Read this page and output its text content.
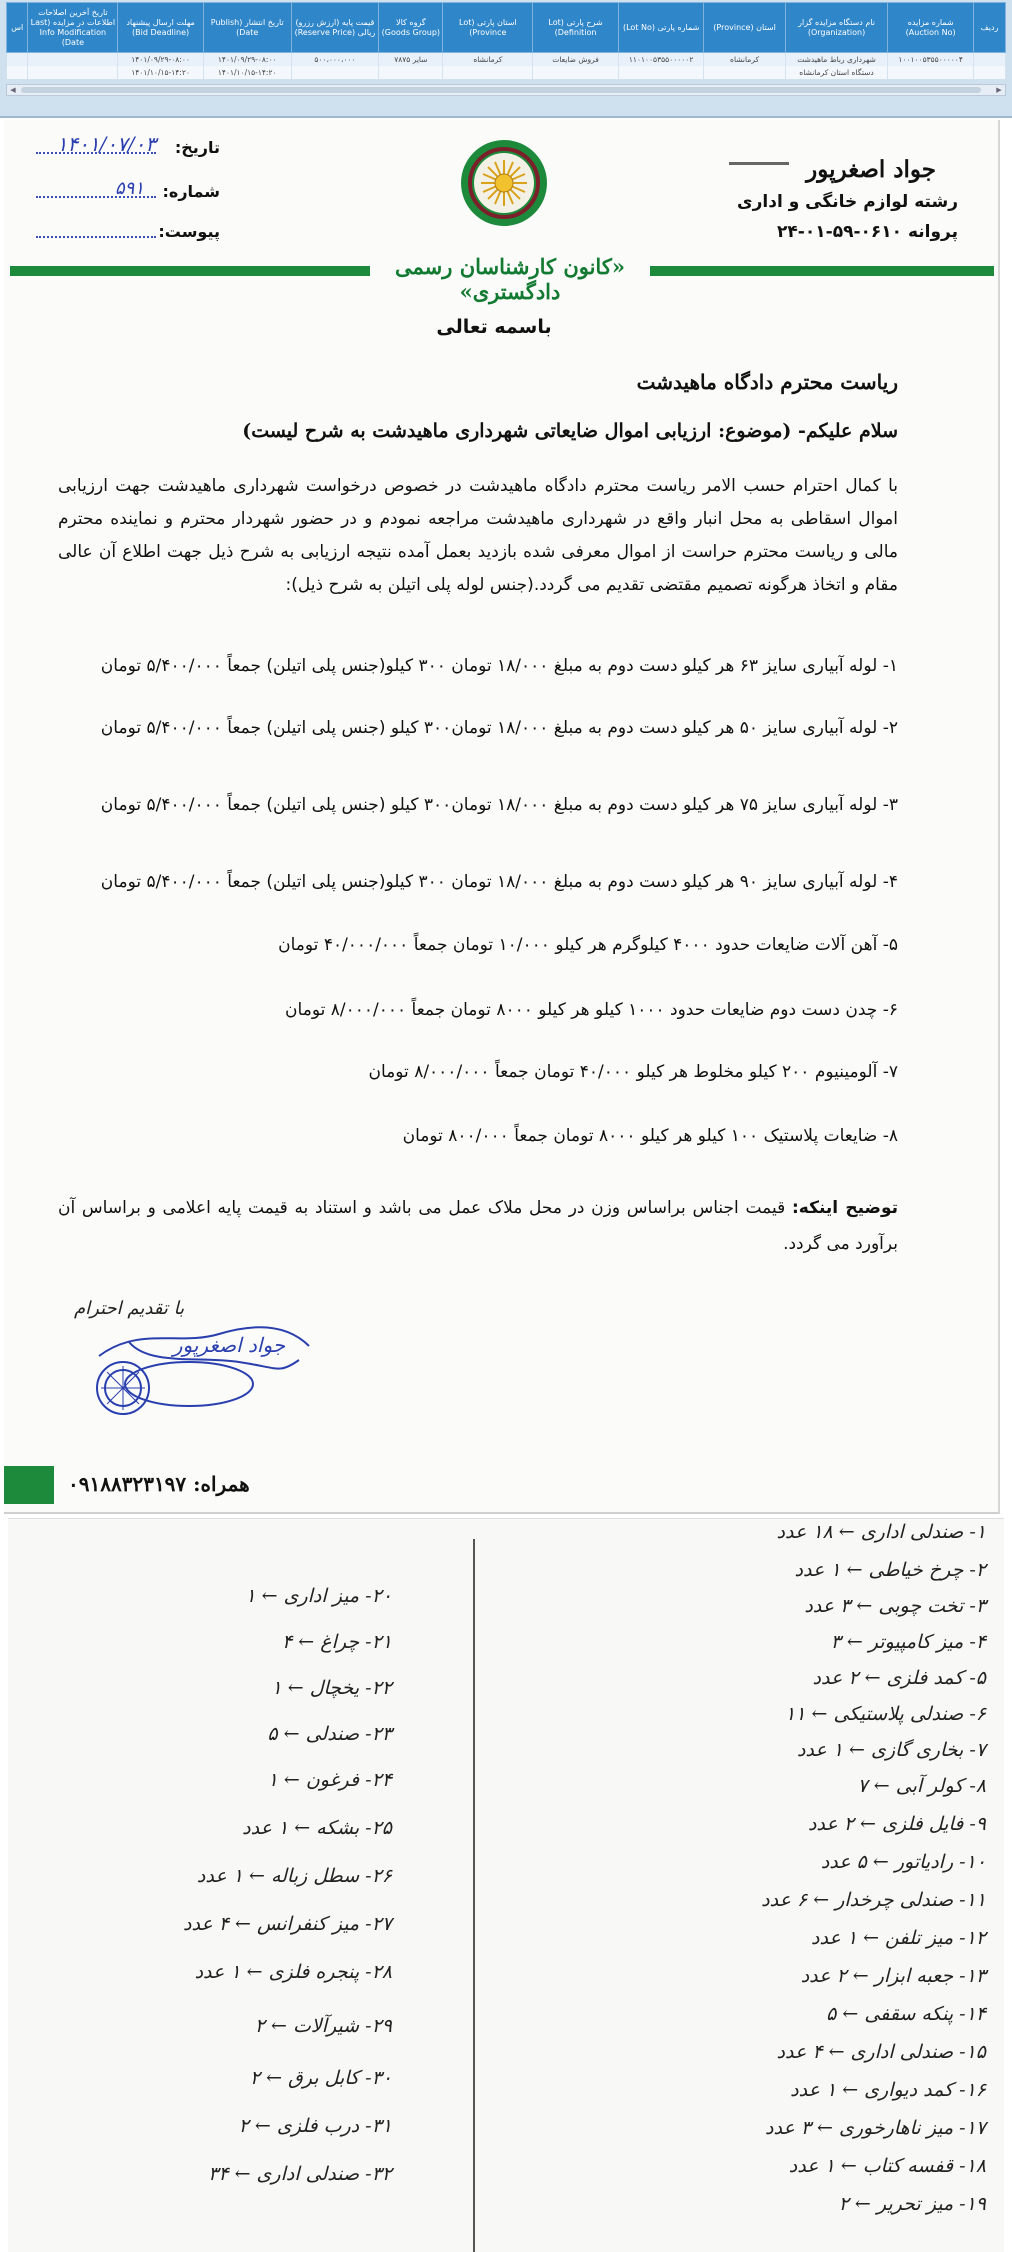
ردیف	شماره مزایده (Auction No)	نام دستگاه مزایده گزار (Organization)	استان (Province)	شماره پارتی (Lot No)	شرح پارتی (Lot Definition)	استان پارتی (Lot Province)	گروه کالا (Goods Group)	قیمت پایه (ارزش رزرو) ریالی (Reserve Price)	تاریخ انتشار (Publish Date)	مهلت ارسال پیشنهاد (Bid Deadline)	تاریخ آخرین اصلاحات اطلاعات در مزایده (Last Info Modification Date)	اس
	۱۰۰۱۰۰۵۳۵۵۰۰۰۰۰۴	شهرداری رباط ماهیدشت	کرمانشاه	۱۱۰۱۰۰۵۳۵۵۰۰۰۰۰۲	فروش ضایعات	کرمانشاه	سایر ۷۸۷۵	۵۰۰،۰۰۰،۰۰۰	۱۴۰۱/۰۹/۲۹-۰۸:۰۰	۱۴۰۱/۰۹/۲۹-۰۸:۰۰		
		دستگاه استان کرمانشاه							۱۴۰۱/۱۰/۱۵-۱۴:۲۰	۱۴۰۱/۱۰/۱۵-۱۴:۲۰		
◀	▶
جواد اصغرپور
رشته لوازم خانگی و اداری
پروانه ۰۶۱۰-۵۹-۰۱-۲۴
تاریخ:
۱۴۰۱/۰۷/۰۳
شماره:
۵۹۱
پیوست:
«کانون کارشناسان رسمی دادگستری»
باسمه تعالی
ریاست محترم دادگاه ماهیدشت
سلام علیکم- (موضوع: ارزیابی اموال ضایعاتی شهرداری ماهیدشت به شرح لیست)
با کمال احترام حسب الامر ریاست محترم دادگاه ماهیدشت در خصوص درخواست شهرداری ماهیدشت جهت ارزیابی اموال اسقاطی به محل انبار واقع در شهرداری ماهیدشت مراجعه نمودم و در حضور شهردار محترم و نماینده محترم مالی و ریاست محترم حراست از اموال معرفی شده بازدید بعمل آمده نتیجه ارزیابی به شرح ذیل جهت اطلاع آن عالی مقام و اتخاذ هرگونه تصمیم مقتضی تقدیم می گردد.(جنس لوله پلی اتیلن به شرح ذیل):
۱- لوله آبیاری سایز ۶۳ هر کیلو دست دوم به مبلغ ۱۸/۰۰۰ تومان ۳۰۰ کیلو(جنس پلی اتیلن) جمعاً ۵/۴۰۰/۰۰۰ تومان
۲- لوله آبیاری سایز ۵۰ هر کیلو دست دوم به مبلغ ۱۸/۰۰۰ تومان۳۰۰ کیلو (جنس پلی اتیلن) جمعاً ۵/۴۰۰/۰۰۰ تومان
۳- لوله آبیاری سایز ۷۵ هر کیلو دست دوم به مبلغ ۱۸/۰۰۰ تومان۳۰۰ کیلو (جنس پلی اتیلن) جمعاً ۵/۴۰۰/۰۰۰ تومان
۴- لوله آبیاری سایز ۹۰ هر کیلو دست دوم به مبلغ ۱۸/۰۰۰ تومان ۳۰۰ کیلو(جنس پلی اتیلن) جمعاً ۵/۴۰۰/۰۰۰ تومان
۵- آهن آلات ضایعات حدود ۴۰۰۰ کیلوگرم هر کیلو ۱۰/۰۰۰ تومان جمعاً ۴۰/۰۰۰/۰۰۰ تومان
۶- چدن دست دوم ضایعات حدود ۱۰۰۰ کیلو هر کیلو ۸۰۰۰ تومان جمعاً ۸/۰۰۰/۰۰۰ تومان
۷- آلومینیوم ۲۰۰ کیلو مخلوط هر کیلو ۴۰/۰۰۰ تومان جمعاً ۸/۰۰۰/۰۰۰ تومان
۸- ضایعات پلاستیک ۱۰۰ کیلو هر کیلو ۸۰۰۰ تومان جمعاً ۸۰۰/۰۰۰ تومان
توضیح اینکه: قیمت اجناس براساس وزن در محل ملاک عمل می باشد و استناد به قیمت پایه اعلامی و براساس آن برآورد می گردد.
با تقدیم احترام
جواد اصغرپور
همراه: ۰۹۱۸۸۳۲۳۱۹۷
۱- صندلی اداری ← ۱۸ عدد
۲- چرخ خیاطی ← ۱ عدد
۳- تخت چوبی ← ۳ عدد
۴- میز کامپیوتر ← ۳
۵- کمد فلزی ← ۲ عدد
۶- صندلی پلاستیکی ← ۱۱
۷- بخاری گازی ← ۱ عدد
۸- کولر آبی ← ۷
۹- فایل فلزی ← ۲ عدد
۱۰- رادیاتور ← ۵ عدد
۱۱- صندلی چرخدار ← ۶ عدد
۱۲- میز تلفن ← ۱ عدد
۱۳- جعبه ابزار ← ۲ عدد
۱۴- پنکه سقفی ← ۵
۱۵- صندلی اداری ← ۴ عدد
۱۶- کمد دیواری ← ۱ عدد
۱۷- میز ناهارخوری ← ۳ عدد
۱۸- قفسه کتاب ← ۱ عدد
۱۹- میز تحریر ← ۲
۲۰- میز اداری ← ۱
۲۱- چراغ ← ۴
۲۲- یخچال ← ۱
۲۳- صندلی ← ۵
۲۴- فرغون ← ۱
۲۵- بشکه ← ۱ عدد
۲۶- سطل زباله ← ۱ عدد
۲۷- میز کنفرانس ← ۴ عدد
۲۸- پنجره فلزی ← ۱ عدد
۲۹- شیرآلات ← ۲
۳۰- کابل برق ← ۲
۳۱- درب فلزی ← ۲
۳۲- صندلی اداری ← ۳۴
